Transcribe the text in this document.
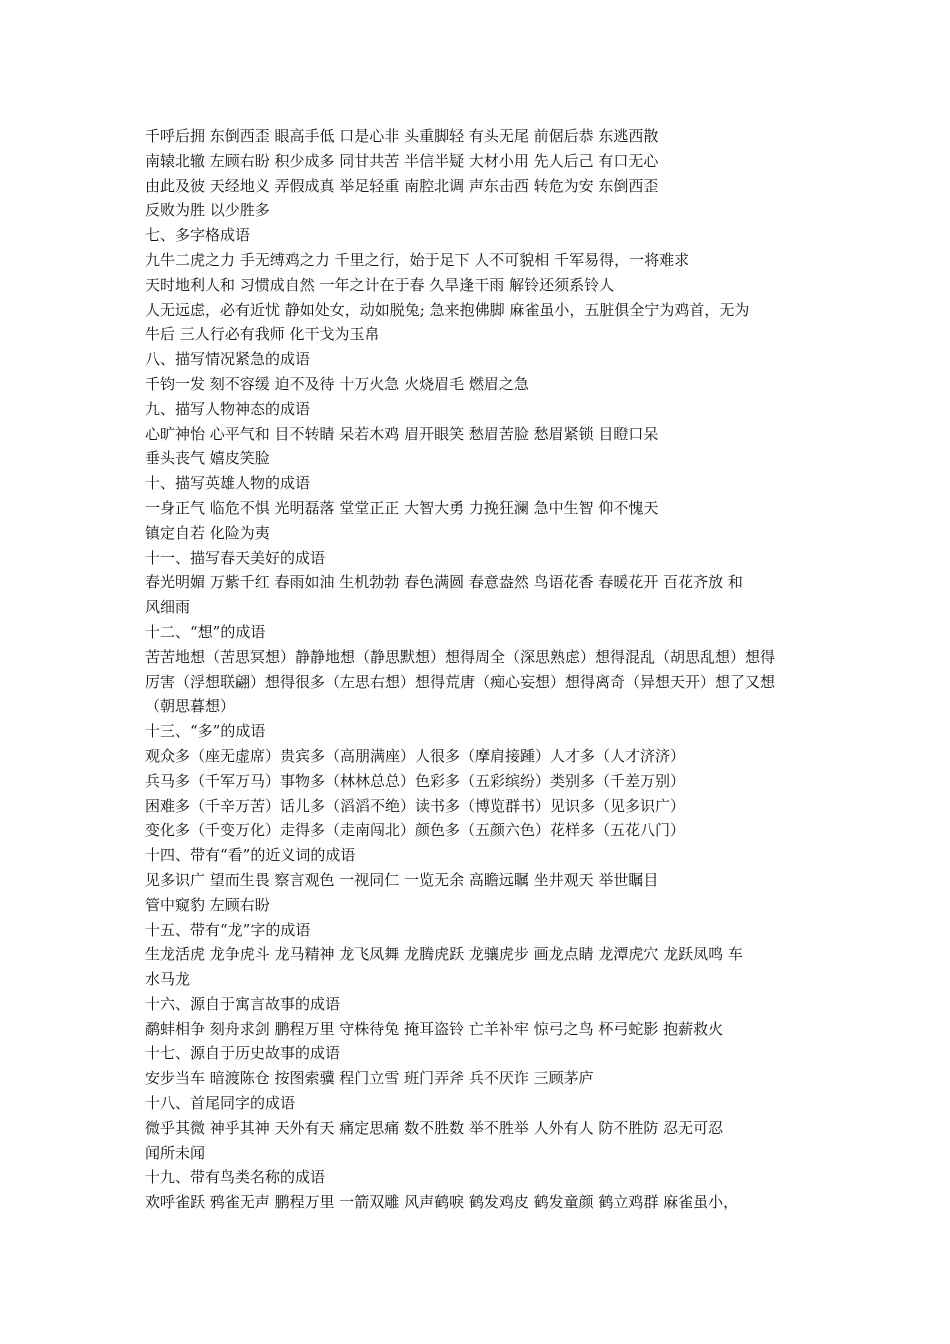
千呼后拥 东倒西歪 眼高手低 口是心非 头重脚轻 有头无尾 前倨后恭 东逃西散
南辕北辙 左顾右盼 积少成多 同甘共苦 半信半疑 大材小用 先人后己 有口无心
由此及彼 天经地义 弄假成真 举足轻重 南腔北调 声东击西 转危为安 东倒西歪
反败为胜 以少胜多
七、多字格成语
九牛二虎之力 手无缚鸡之力 千里之行，始于足下 人不可貌相 千军易得，一将难求
天时地利人和 习惯成自然 一年之计在于春 久旱逢干雨 解铃还须系铃人
人无远虑，必有近忧 静如处女，动如脱兔; 急来抱佛脚 麻雀虽小，五脏俱全宁为鸡首，无为
牛后 三人行必有我师 化干戈为玉帛
八、描写情况紧急的成语
千钧一发 刻不容缓 迫不及待 十万火急 火烧眉毛 燃眉之急
九、描写人物神态的成语
心旷神怡 心平气和 目不转睛 呆若木鸡 眉开眼笑 愁眉苦脸 愁眉紧锁 目瞪口呆
垂头丧气 嬉皮笑脸
十、描写英雄人物的成语
一身正气 临危不惧 光明磊落 堂堂正正 大智大勇 力挽狂澜 急中生智 仰不愧天
镇定自若 化险为夷
十一、描写春天美好的成语
春光明媚 万紫千红 春雨如油 生机勃勃 春色满圆 春意盎然 鸟语花香 春暖花开 百花齐放 和
风细雨
十二、“想”的成语
苦苦地想（苦思冥想）静静地想（静思默想）想得周全（深思熟虑）想得混乱（胡思乱想）想得
厉害（浮想联翩）想得很多（左思右想）想得荒唐（痴心妄想）想得离奇（异想天开）想了又想
（朝思暮想）
十三、“多”的成语
观众多（座无虚席）贵宾多（高朋满座）人很多（摩肩接踵）人才多（人才济济）
兵马多（千军万马）事物多（林林总总）色彩多（五彩缤纷）类别多（千差万别）
困难多（千辛万苦）话儿多（滔滔不绝）读书多（博览群书）见识多（见多识广）
变化多（千变万化）走得多（走南闯北）颜色多（五颜六色）花样多（五花八门）
十四、带有“看”的近义词的成语
见多识广 望而生畏 察言观色 一视同仁 一览无余 高瞻远瞩 坐井观天 举世瞩目
管中窥豹 左顾右盼
十五、带有“龙”字的成语
生龙活虎 龙争虎斗 龙马精神 龙飞凤舞 龙腾虎跃 龙骧虎步 画龙点睛 龙潭虎穴 龙跃凤鸣 车
水马龙
十六、源自于寓言故事的成语
鹬蚌相争 刻舟求剑 鹏程万里 守株待兔 掩耳盗铃 亡羊补牢 惊弓之鸟 杯弓蛇影 抱薪救火
十七、源自于历史故事的成语
安步当车 暗渡陈仓 按图索骥 程门立雪 班门弄斧 兵不厌诈 三顾茅庐
十八、首尾同字的成语
微乎其微 神乎其神 天外有天 痛定思痛 数不胜数 举不胜举 人外有人 防不胜防 忍无可忍
闻所未闻
十九、带有鸟类名称的成语
欢呼雀跃 鸦雀无声 鹏程万里 一箭双雕 风声鹤唳 鹤发鸡皮 鹤发童颜 鹤立鸡群 麻雀虽小，
